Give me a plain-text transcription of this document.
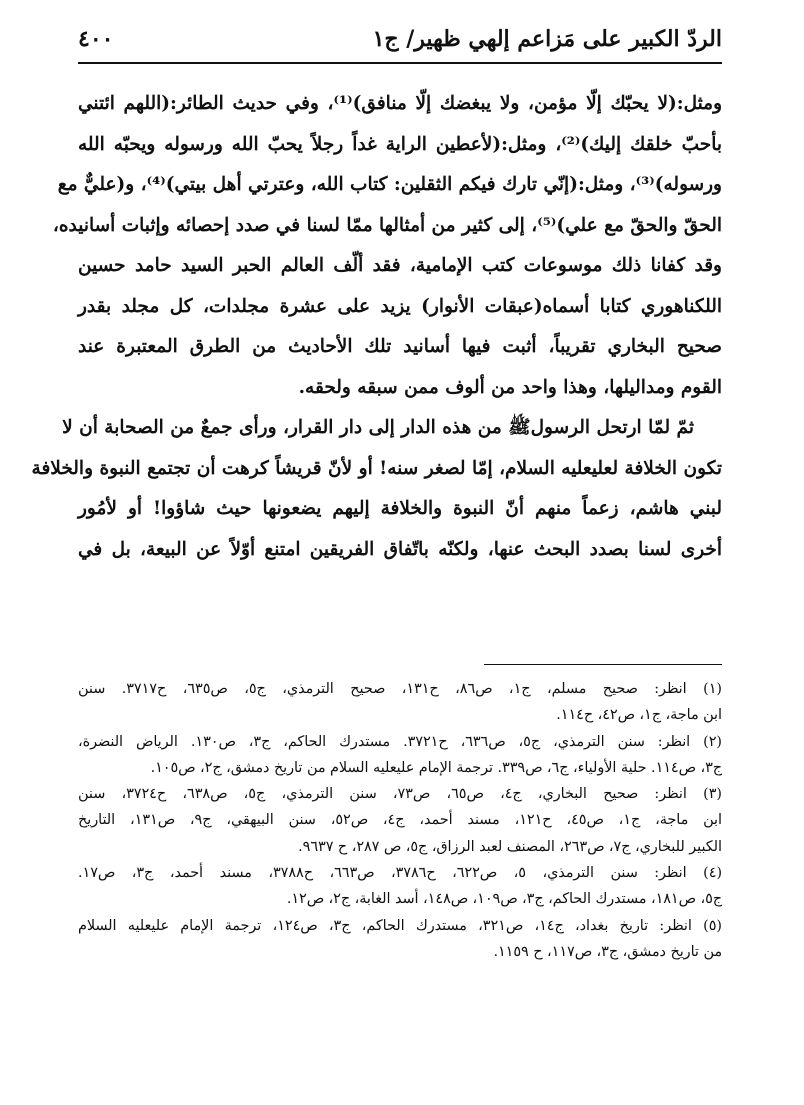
الردّ الكبير على مَزاعم إلهي ظهير/ ج١
٤٠٠
ومثل:(لا يحبّك إلّا مؤمن، ولا يبغضك إلّا منافق)⁽¹⁾، وفي حديث الطائر:(اللهم ائتني
بأحبّ خلقك إليك)⁽²⁾، ومثل:(لأعطين الراية غداً رجلاً يحبّ الله ورسوله ويحبّه الله
ورسوله)⁽³⁾، ومثل:(إنّي تارك فيكم الثقلين: كتاب الله، وعترتي أهل بيتي)⁽⁴⁾، و(عليٌّ مع
الحقّ والحقّ مع علي)⁽⁵⁾، إلى كثير من أمثالها ممّا لسنا في صدد إحصائه وإثبات أسانيده،
وقد كفانا ذلك موسوعات كتب الإمامية، فقد ألّف العالم الحبر السيد حامد حسين
اللكناهوري كتابا أسماه(عبقات الأنوار) يزيد على عشرة مجلدات، كل مجلد بقدر
صحيح البخاري تقريباً، أثبت فيها أسانيد تلك الأحاديث من الطرق المعتبرة عند
القوم ومداليلها، وهذا واحد من ألوف ممن سبقه ولحقه.
ثمّ لمّا ارتحل الرسولﷺ من هذه الدار إلى دار القرار، ورأى جمعٌ من الصحابة أن لا
تكون الخلافة لعليعليه السلام، إمّا لصغر سنه! أو لأنّ قريشاً كرهت أن تجتمع النبوة والخلافة
لبني هاشم، زعماً منهم أنّ النبوة والخلافة إليهم يضعونها حيث شاؤوا! أو لأمُور
أخرى لسنا بصدد البحث عنها، ولكنّه باتّفاق الفريقين امتنع أوّلاً عن البيعة، بل في
(١) انظر: صحيح مسلم، ج١، ص٨٦، ح١٣١، صحيح الترمذي، ج٥، ص٦٣٥، ح٣٧١٧. سنن
ابن ماجة، ج١، ص٤٢، ح١١٤.
(٢) انظر: سنن الترمذي، ج٥، ص٦٣٦، ح٣٧٢١. مستدرك الحاكم، ج٣، ص١٣٠. الرياض النضرة،
ج٣، ص١١٤. حلية الأولياء، ج٦، ص٣٣٩. ترجمة الإمام عليعليه السلام من تاريخ دمشق، ج٢، ص١٠٥.
(٣) انظر: صحيح البخاري، ج٤، ص٦٥، ص٧٣، سنن الترمذي، ج٥، ص٦٣٨، ح٣٧٢٤، سنن
ابن ماجة، ج١، ص٤٥، ح١٢١، مسند أحمد، ج٤، ص٥٢، سنن البيهقي، ج٩، ص١٣١، التاريخ
الكبير للبخاري، ج٧، ص٢٦٣، المصنف لعبد الرزاق، ج٥، ص ٢٨٧، ح ٩٦٣٧.
(٤) انظر: سنن الترمذي، ٥، ص٦٢٢، ح٣٧٨٦، ص٦٦٣، ح٣٧٨٨، مسند أحمد، ج٣، ص١٧.
ج٥، ص١٨١، مستدرك الحاكم، ج٣، ص١٠٩، ص١٤٨، أسد الغابة، ج٢، ص١٢.
(٥) انظر: تاريخ بغداد، ج١٤، ص٣٢١، مستدرك الحاكم، ج٣، ص١٢٤، ترجمة الإمام عليعليه السلام
من تاريخ دمشق، ج٣، ص١١٧، ح ١١٥٩.
